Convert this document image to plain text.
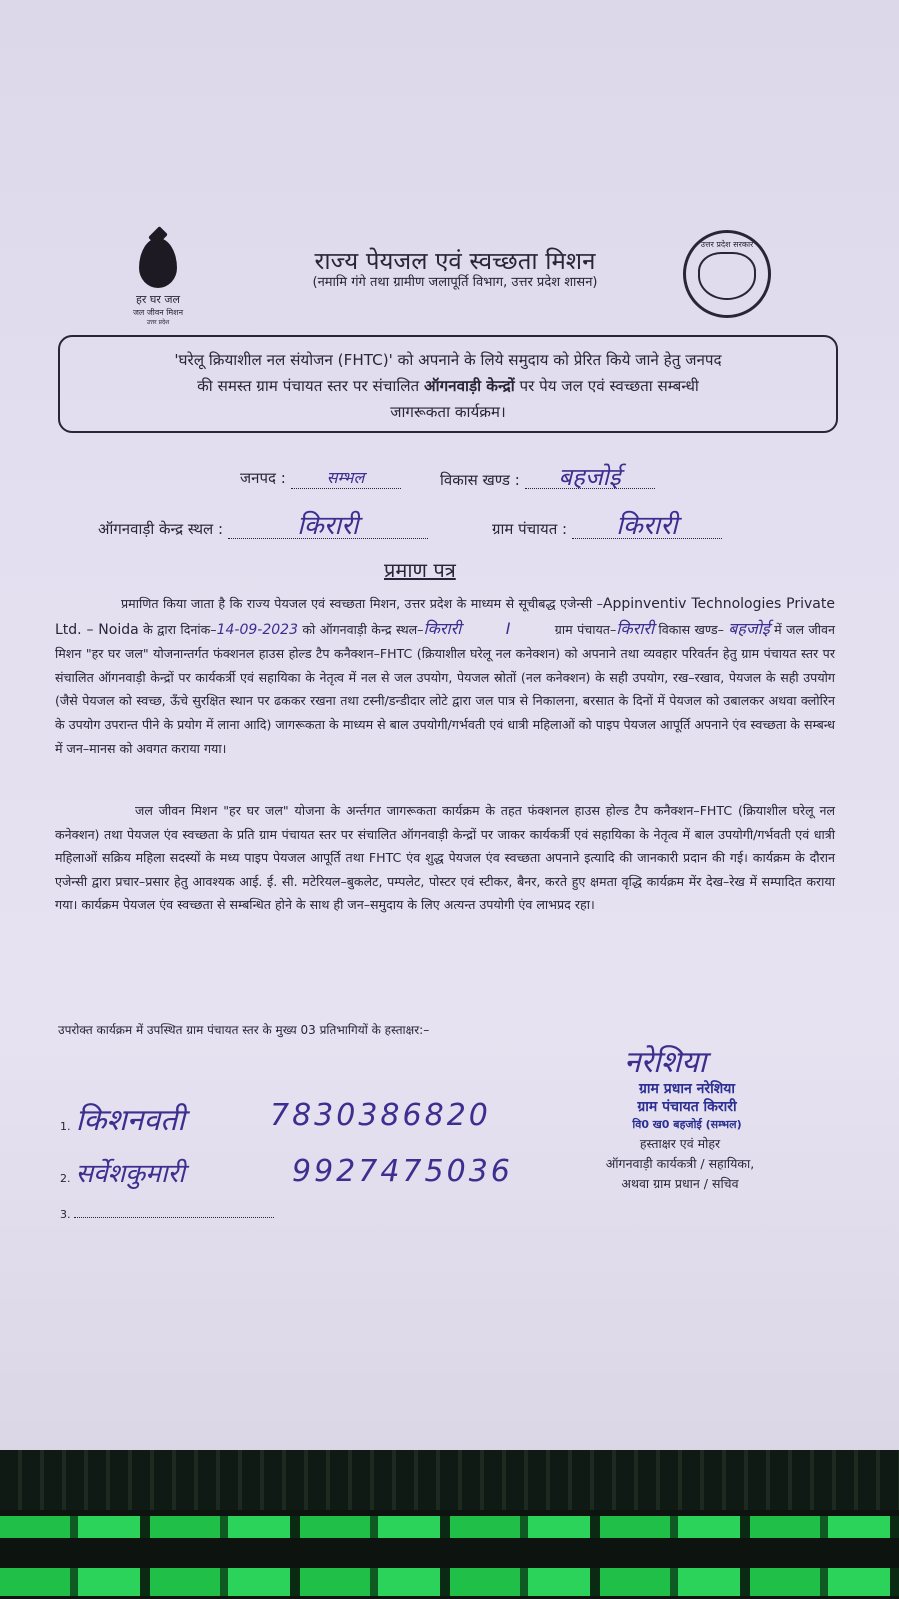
हर घर जल
जल जीवन मिशन
उत्तर प्रदेश
राज्य पेयजल एवं स्वच्छता मिशन
(नमामि गंगे तथा ग्रामीण जलापूर्ति विभाग, उत्तर प्रदेश शासन)
उत्तर प्रदेश सरकार
'घरेलू क्रियाशील नल संयोजन (FHTC)' को अपनाने के लिये समुदाय को प्रेरित किये जाने हेतु जनपद
की समस्त ग्राम पंचायत स्तर पर संचालित ऑगनवाड़ी केन्द्रों पर पेय जल एवं स्वच्छता सम्बन्धी
जागरूकता कार्यक्रम।
जनपद :	सम्भल	विकास खण्ड : बहजोई
ऑगनवाड़ी केन्द्र स्थल :	किरारी	ग्राम पंचायत : किरारी
प्रमाण पत्र
प्रमाणित किया जाता है कि राज्य पेयजल एवं स्वच्छता मिशन, उत्तर प्रदेश के माध्यम से सूचीबद्ध एजेन्सी –Appinventiv Technologies Private Ltd. – Noida के द्वारा दिनांक–14-09-2023 को ऑगनवाड़ी केन्द्र स्थल–किरारी	I	ग्राम पंचायत–किरारी विकास खण्ड– बहजोई में जल जीवन मिशन "हर घर जल" योजनान्तर्गत फंक्शनल हाउस होल्ड टैप कनैक्शन–FHTC (क्रियाशील घरेलू नल कनेक्शन) को अपनाने तथा व्यवहार परिवर्तन हेतु ग्राम पंचायत स्तर पर संचालित ऑगनवाड़ी केन्द्रों पर कार्यकर्त्री एवं सहायिका के नेतृत्व में नल से जल उपयोग, पेयजल स्रोतों (नल कनेक्शन) के सही उपयोग, रख–रखाव, पेयजल के सही उपयोग (जैसे पेयजल को स्वच्छ, ऊँचे सुरक्षित स्थान पर ढककर रखना तथा टस्नी/डन्डीदार लोटे द्वारा जल पात्र से निकालना, बरसात के दिनों में पेयजल को उबालकर अथवा क्लोरिन के उपयोग उपरान्त पीने के प्रयोग में लाना आदि) जागरूकता के माध्यम से बाल उपयोगी/गर्भवती एवं धात्री महिलाओं को पाइप पेयजल आपूर्ति अपनाने एंव स्वच्छता के सम्बन्ध में जन–मानस को अवगत कराया गया।
जल जीवन मिशन "हर घर जल" योजना के अर्न्तगत जागरूकता कार्यक्रम के तहत फंक्शनल हाउस होल्ड टैप कनैक्शन–FHTC (क्रियाशील घरेलू नल कनेक्शन) तथा पेयजल एंव स्वच्छता के प्रति ग्राम पंचायत स्तर पर संचालित ऑगनवाड़ी केन्द्रों पर जाकर कार्यकर्त्री एवं सहायिका के नेतृत्व में बाल उपयोगी/गर्भवती एवं धात्री महिलाओं सक्रिय महिला सदस्यों के मध्य पाइप पेयजल आपूर्ति तथा FHTC एंव शुद्ध पेयजल एंव स्वच्छता अपनाने इत्यादि की जानकारी प्रदान की गई। कार्यक्रम के दौरान एजेन्सी द्वारा प्रचार–प्रसार हेतु आवश्यक आई. ई. सी. मटेरियल–बुकलेट, पम्पलेट, पोस्टर एवं स्टीकर, बैनर, करते हुए क्षमता वृद्धि कार्यक्रम मेंर देख–रेख में सम्पादित कराया गया। कार्यक्रम पेयजल एंव स्वच्छता से सम्बन्धित होने के साथ ही जन–समुदाय के लिए अत्यन्त उपयोगी एंव लाभप्रद रहा।
उपरोक्त कार्यक्रम में उपस्थित ग्राम पंचायत स्तर के मुख्य 03 प्रतिभागियों के हस्ताक्षर:–
1. किशनवती	7830386820
2. सर्वेशकुमारी	9927475036
3.
नरेशिया
ग्राम प्रधान नरेशिया
ग्राम पंचायत किरारी
वि0 ख0 बहजोई (सम्भल)
हस्ताक्षर एवं मोहर
ऑगनवाड़ी कार्यकत्री / सहायिका,
अथवा ग्राम प्रधान / सचिव
